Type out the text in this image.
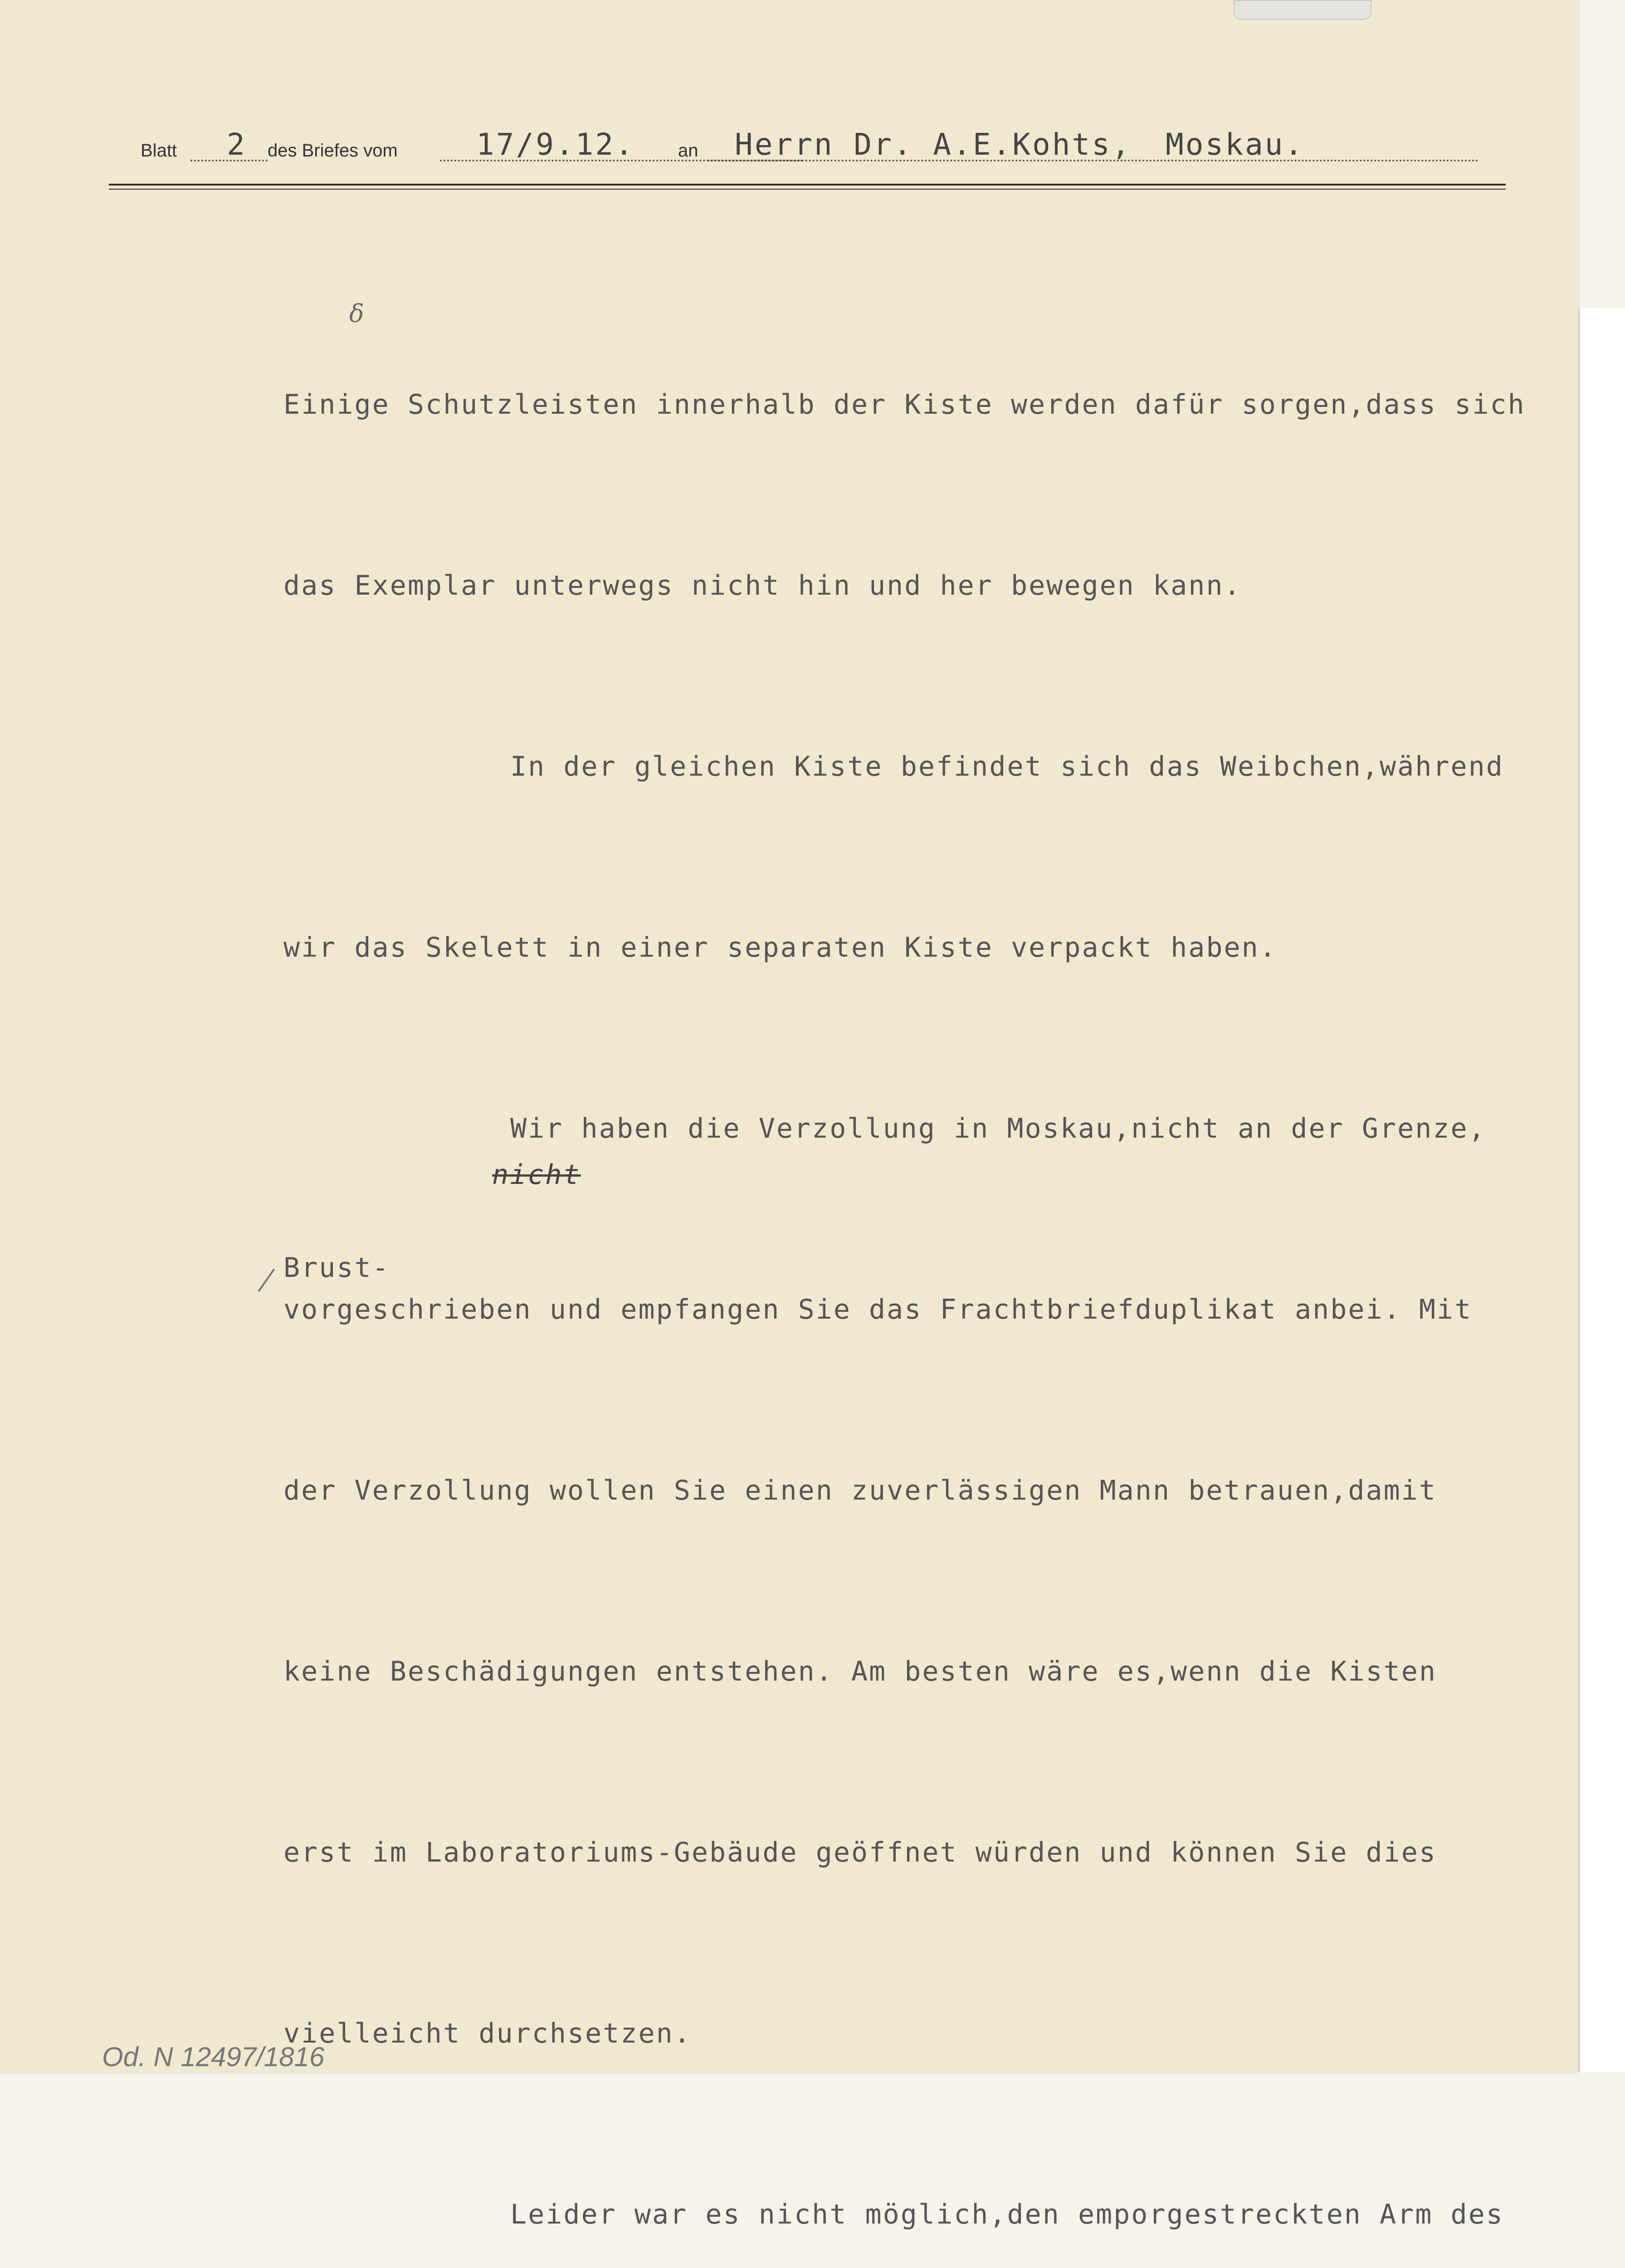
Blatt 2 des Briefes vom	17/9.12. an Herrn Dr. A.E.Kohts, Moskau.

Einige Schutzleisten innerhalb der Kiste werden dafür sorgen,dass sich

das Exemplar unterwegs nicht hin und her bewegen kann.

In der gleichen Kiste befindet sich das Weibchen,während

wir das Skelett in einer separaten Kiste verpackt haben.

Wir haben die Verzollung in Moskau,nicht an der Grenze,

vorgeschrieben und empfangen Sie das Frachtbriefduplikat anbei. Mit

der Verzollung wollen Sie einen zuverlässigen Mann betrauen,damit

keine Beschädigungen entstehen. Am besten wäre es,wenn die Kisten

erst im Laboratoriums-Gebäude geöffnet würden und können Sie dies

vielleicht durchsetzen.

Leider war es nicht möglich,den emporgestreckten Arm des

δ
Brust-
nicht
Od. N 12497/1816
